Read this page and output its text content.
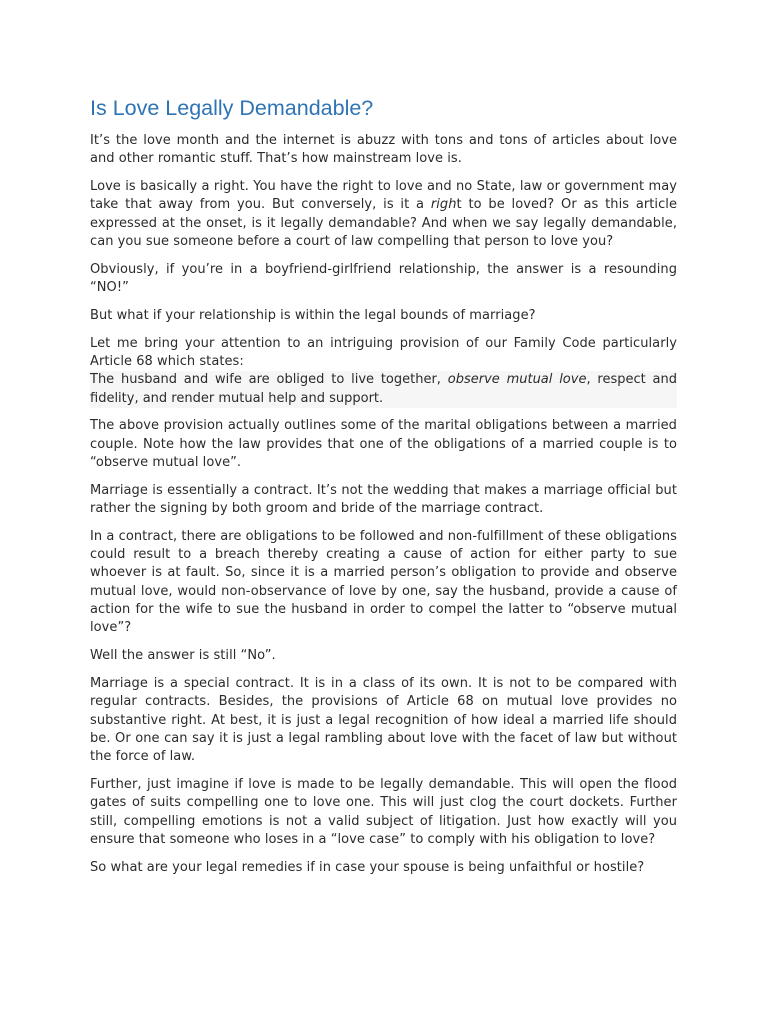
Is Love Legally Demandable?

It’s the love month and the internet is abuzz with tons and tons of articles about love and other romantic stuff. That’s how mainstream love is.

Love is basically a right. You have the right to love and no State, law or government may take that away from you. But conversely, is it a right to be loved? Or as this article expressed at the onset, is it legally demandable? And when we say legally demandable, can you sue someone before a court of law compelling that person to love you?

Obviously, if you’re in a boyfriend-girlfriend relationship, the answer is a resounding “NO!”

But what if your relationship is within the legal bounds of marriage?

Let me bring your attention to an intriguing provision of our Family Code particularly Article 68 which states:

The husband and wife are obliged to live together, observe mutual love, respect and fidelity, and render mutual help and support.

The above provision actually outlines some of the marital obligations between a married couple. Note how the law provides that one of the obligations of a married couple is to “observe mutual love”.

Marriage is essentially a contract. It’s not the wedding that makes a marriage official but rather the signing by both groom and bride of the marriage contract.

In a contract, there are obligations to be followed and non-fulfillment of these obligations could result to a breach thereby creating a cause of action for either party to sue whoever is at fault. So, since it is a married person’s obligation to provide and observe mutual love, would non-observance of love by one, say the husband, provide a cause of action for the wife to sue the husband in order to compel the latter to “observe mutual love”?

Well the answer is still “No”.

Marriage is a special contract. It is in a class of its own. It is not to be compared with regular contracts. Besides, the provisions of Article 68 on mutual love provides no substantive right. At best, it is just a legal recognition of how ideal a married life should be. Or one can say it is just a legal rambling about love with the facet of law but without the force of law.

Further, just imagine if love is made to be legally demandable. This will open the flood gates of suits compelling one to love one. This will just clog the court dockets. Further still, compelling emotions is not a valid subject of litigation. Just how exactly will you ensure that someone who loses in a “love case” to comply with his obligation to love?

So what are your legal remedies if in case your spouse is being unfaithful or hostile?
